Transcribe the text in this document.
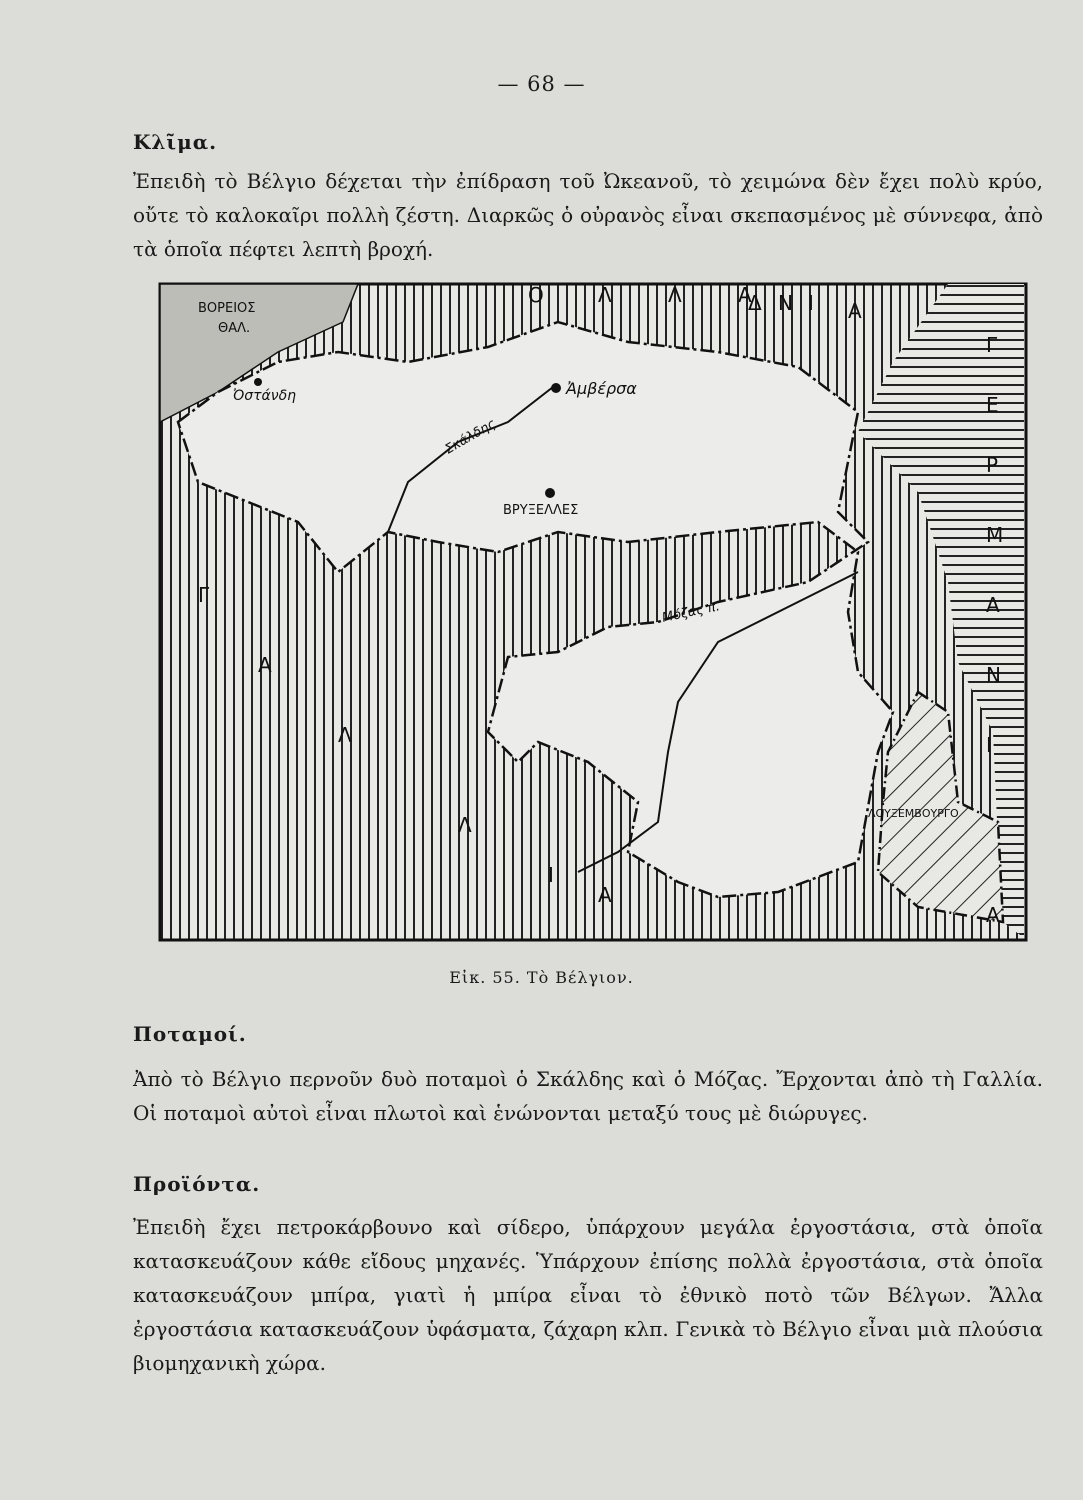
— 68 —
Κλῖμα.
Ἐπειδὴ τὸ Βέλγιο δέχεται τὴν ἐπίδραση τοῦ Ὠκεανοῦ, τὸ χειμώνα δὲν ἔχει πολὺ κρύο, οὔτε τὸ καλοκαῖρι πολλὴ ζέστη. Διαρκῶς ὁ οὐρανὸς εἶναι σκεπασμένος μὲ σύννεφα, ἀπὸ τὰ ὁποῖα πέφτει λεπτὴ βροχή.
ΒΟΡΕΙΟΣ
ΘΑΛ.
Ὀστάνδη	Ἀμβέρσα
Σκάλδης
ΒΡΥΞΕΛΛΕΣ
Μόζας π.
ΛΟΥΞΕΜΒΟΥΡΓΟ
Ο	Λ	Λ	Α Ν
Δ Ι Α
Γ
Ε
Ρ
Μ
Α
Ν
Ι
Α
Γ
Α
Λ
Λ
Ι
Α
Εἰκ. 55. Τὸ Βέλγιον.
Ποταμοί.
Ἀπὸ τὸ Βέλγιο περνοῦν δυὸ ποταμοὶ ὁ Σκάλδης καὶ ὁ Μόζας. Ἔρχονται ἀπὸ τὴ Γαλλία. Οἱ ποταμοὶ αὐτοὶ εἶναι πλωτοὶ καὶ ἑνώνονται μεταξύ τους μὲ διώρυγες.
Προϊόντα.
Ἐπειδὴ ἔχει πετροκάρβουνο καὶ σίδερο, ὑπάρχουν μεγάλα ἐργοστάσια, στὰ ὁποῖα κατασκευάζουν κάθε εἴδους μηχανές. Ὑπάρχουν ἐπίσης πολλὰ ἐργοστάσια, στὰ ὁποῖα κατασκευάζουν μπίρα, γιατὶ ἡ μπίρα εἶναι τὸ ἐθνικὸ ποτὸ τῶν Βέλγων. Ἄλλα ἐργοστάσια κατασκευάζουν ὑφάσματα, ζάχαρη κλπ. Γενικὰ τὸ Βέλγιο εἶναι μιὰ πλούσια βιομηχανικὴ χώρα.
